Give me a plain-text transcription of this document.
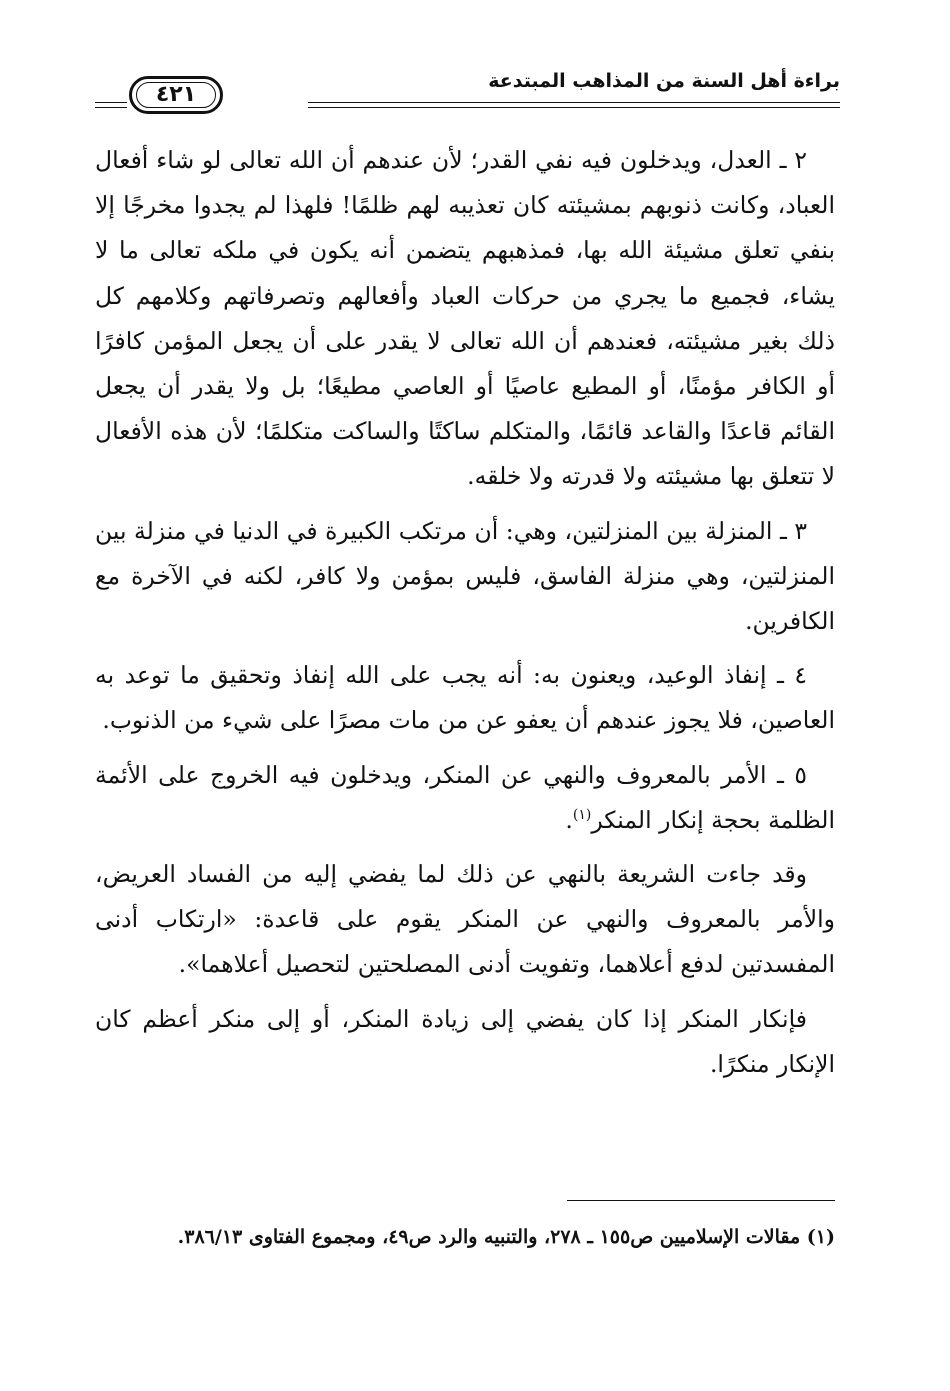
براءة أهل السنة من المذاهب المبتدعة
٤٢١

٢ ـ العدل، ويدخلون فيه نفي القدر؛ لأن عندهم أن الله تعالى لو شاء أفعال العباد، وكانت ذنوبهم بمشيئته كان تعذيبه لهم ظلمًا! فلهذا لم يجدوا مخرجًا إلا بنفي تعلق مشيئة الله بها، فمذهبهم يتضمن أنه يكون في ملكه تعالى ما لا يشاء، فجميع ما يجري من حركات العباد وأفعالهم وتصرفاتهم وكلامهم كل ذلك بغير مشيئته، فعندهم أن الله تعالى لا يقدر على أن يجعل المؤمن كافرًا أو الكافر مؤمنًا، أو المطيع عاصيًا أو العاصي مطيعًا؛ بل ولا يقدر أن يجعل القائم قاعدًا والقاعد قائمًا، والمتكلم ساكتًا والساكت متكلمًا؛ لأن هذه الأفعال لا تتعلق بها مشيئته ولا قدرته ولا خلقه.

٣ ـ المنزلة بين المنزلتين، وهي: أن مرتكب الكبيرة في الدنيا في منزلة بين المنزلتين، وهي منزلة الفاسق، فليس بمؤمن ولا كافر، لكنه في الآخرة مع الكافرين.

٤ ـ إنفاذ الوعيد، ويعنون به: أنه يجب على الله إنفاذ وتحقيق ما توعد به العاصين، فلا يجوز عندهم أن يعفو عن من مات مصرًا على شيء من الذنوب.

٥ ـ الأمر بالمعروف والنهي عن المنكر، ويدخلون فيه الخروج على الأئمة الظلمة بحجة إنكار المنكر$^{(١)}$.

وقد جاءت الشريعة بالنهي عن ذلك لما يفضي إليه من الفساد العريض، والأمر بالمعروف والنهي عن المنكر يقوم على قاعدة: «ارتكاب أدنى المفسدتين لدفع أعلاهما، وتفويت أدنى المصلحتين لتحصيل أعلاهما».

فإنكار المنكر إذا كان يفضي إلى زيادة المنكر، أو إلى منكر أعظم كان الإنكار منكرًا.

(١) مقالات الإسلاميين ص١٥٥ ـ ٢٧٨، والتنبيه والرد ص٤٩، ومجموع الفتاوى ٣٨٦/١٣.
